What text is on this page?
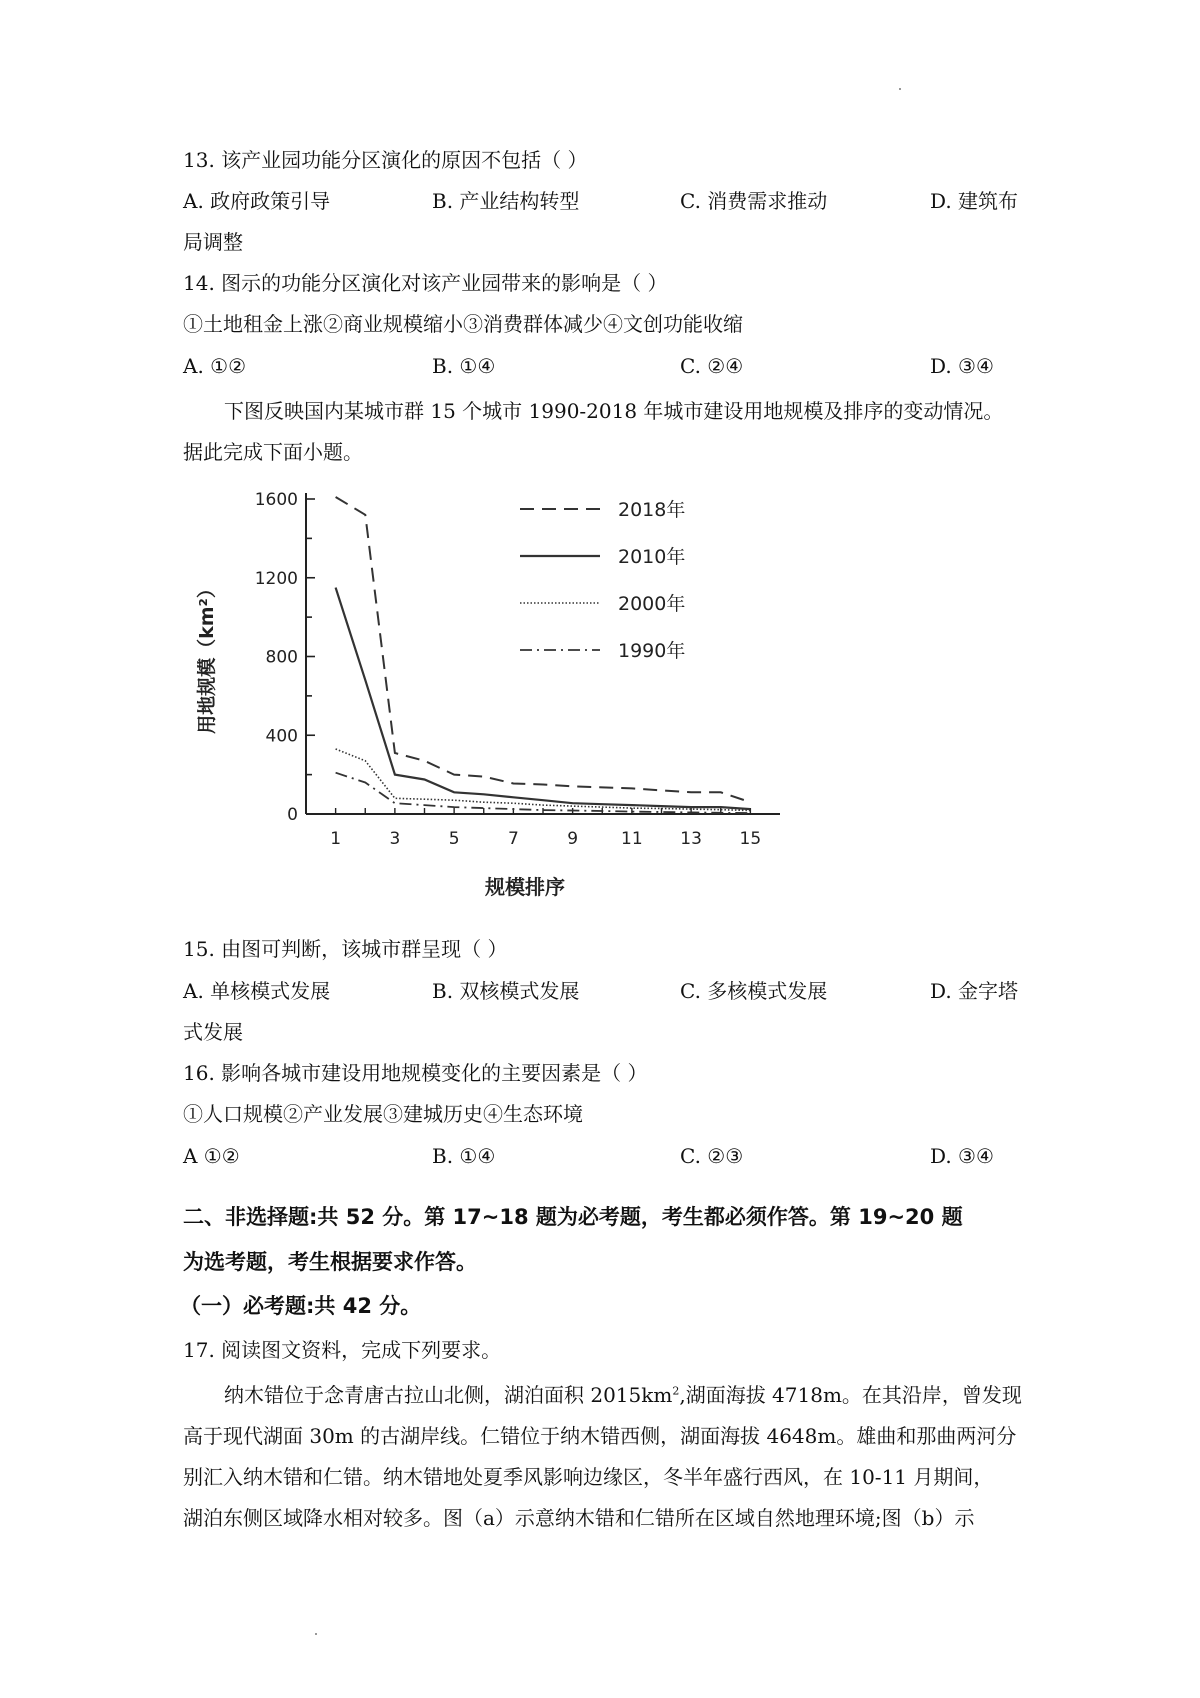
13. 该产业园功能分区演化的原因不包括（ ）
A. 政府政策引导	B. 产业结构转型	C. 消费需求推动	D. 建筑布
局调整
14. 图示的功能分区演化对该产业园带来的影响是（ ）
①土地租金上涨②商业规模缩小③消费群体减少④文创功能收缩
A. ①②	B. ①④	C. ②④	D. ③④
下图反映国内某城市群 15 个城市 1990-2018 年城市建设用地规模及排序的变动情况。
据此完成下面小题。
0
400
800
1200
1600
1	3	5	7	9	11 13 15
规模排序
用地规模（km²）
2018年
2010年
2000年
1990年
15. 由图可判断，该城市群呈现（ ）
A. 单核模式发展	B. 双核模式发展	C. 多核模式发展	D. 金字塔
式发展
16. 影响各城市建设用地规模变化的主要因素是（ ）
①人口规模②产业发展③建城历史④生态环境
A ①②	B. ①④	C. ②③	D. ③④
二、非选择题:共 52 分。第 17~18 题为必考题，考生都必须作答。第 19~20 题
为选考题，考生根据要求作答。
（一）必考题:共 42 分。
17. 阅读图文资料，完成下列要求。
纳木错位于念青唐古拉山北侧，湖泊面积 $2015km^2$,湖面海拔 4718m。在其沿岸，曾发现
高于现代湖面 30m 的古湖岸线。仁错位于纳木错西侧，湖面海拔 4648m。雄曲和那曲两河分
别汇入纳木错和仁错。纳木错地处夏季风影响边缘区，冬半年盛行西风，在 10-11 月期间，
湖泊东侧区域降水相对较多。图（a）示意纳木错和仁错所在区域自然地理环境;图（b）示
